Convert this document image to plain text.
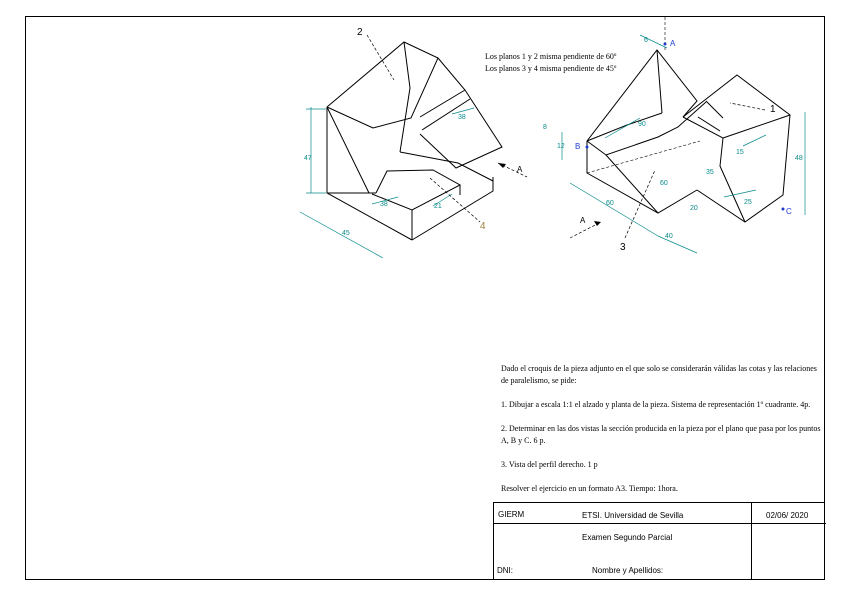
47
45
38	21
38
8
12
60
40
48
6
90
60
20
25
15
35
2
4
1
3
A
B
C
A
A
Los planos 1 y 2 misma pendiente de 60º
Los planos 3 y 4 misma pendiente de 45º

Dado el croquis de la pieza adjunto en el que solo se considerarán válidas las cotas y las relaciones de paralelismo, se pide:

1. Dibujar a escala 1:1 el alzado y planta de la pieza. Sistema de representación 1º cuadrante. 4p.

2. Determinar en las dos vistas la sección producida en la pieza por el plano que pasa por los puntos A, B y C. 6 p.

3. Vista del perfil derecho. 1 p

Resolver el ejercicio en un formato A3. Tiempo: 1hora.

GIERM	ETSI. Universidad de Sevilla	02/06/ 2020
Examen Segundo Parcial
DNI:	Nombre y Apellidos:
